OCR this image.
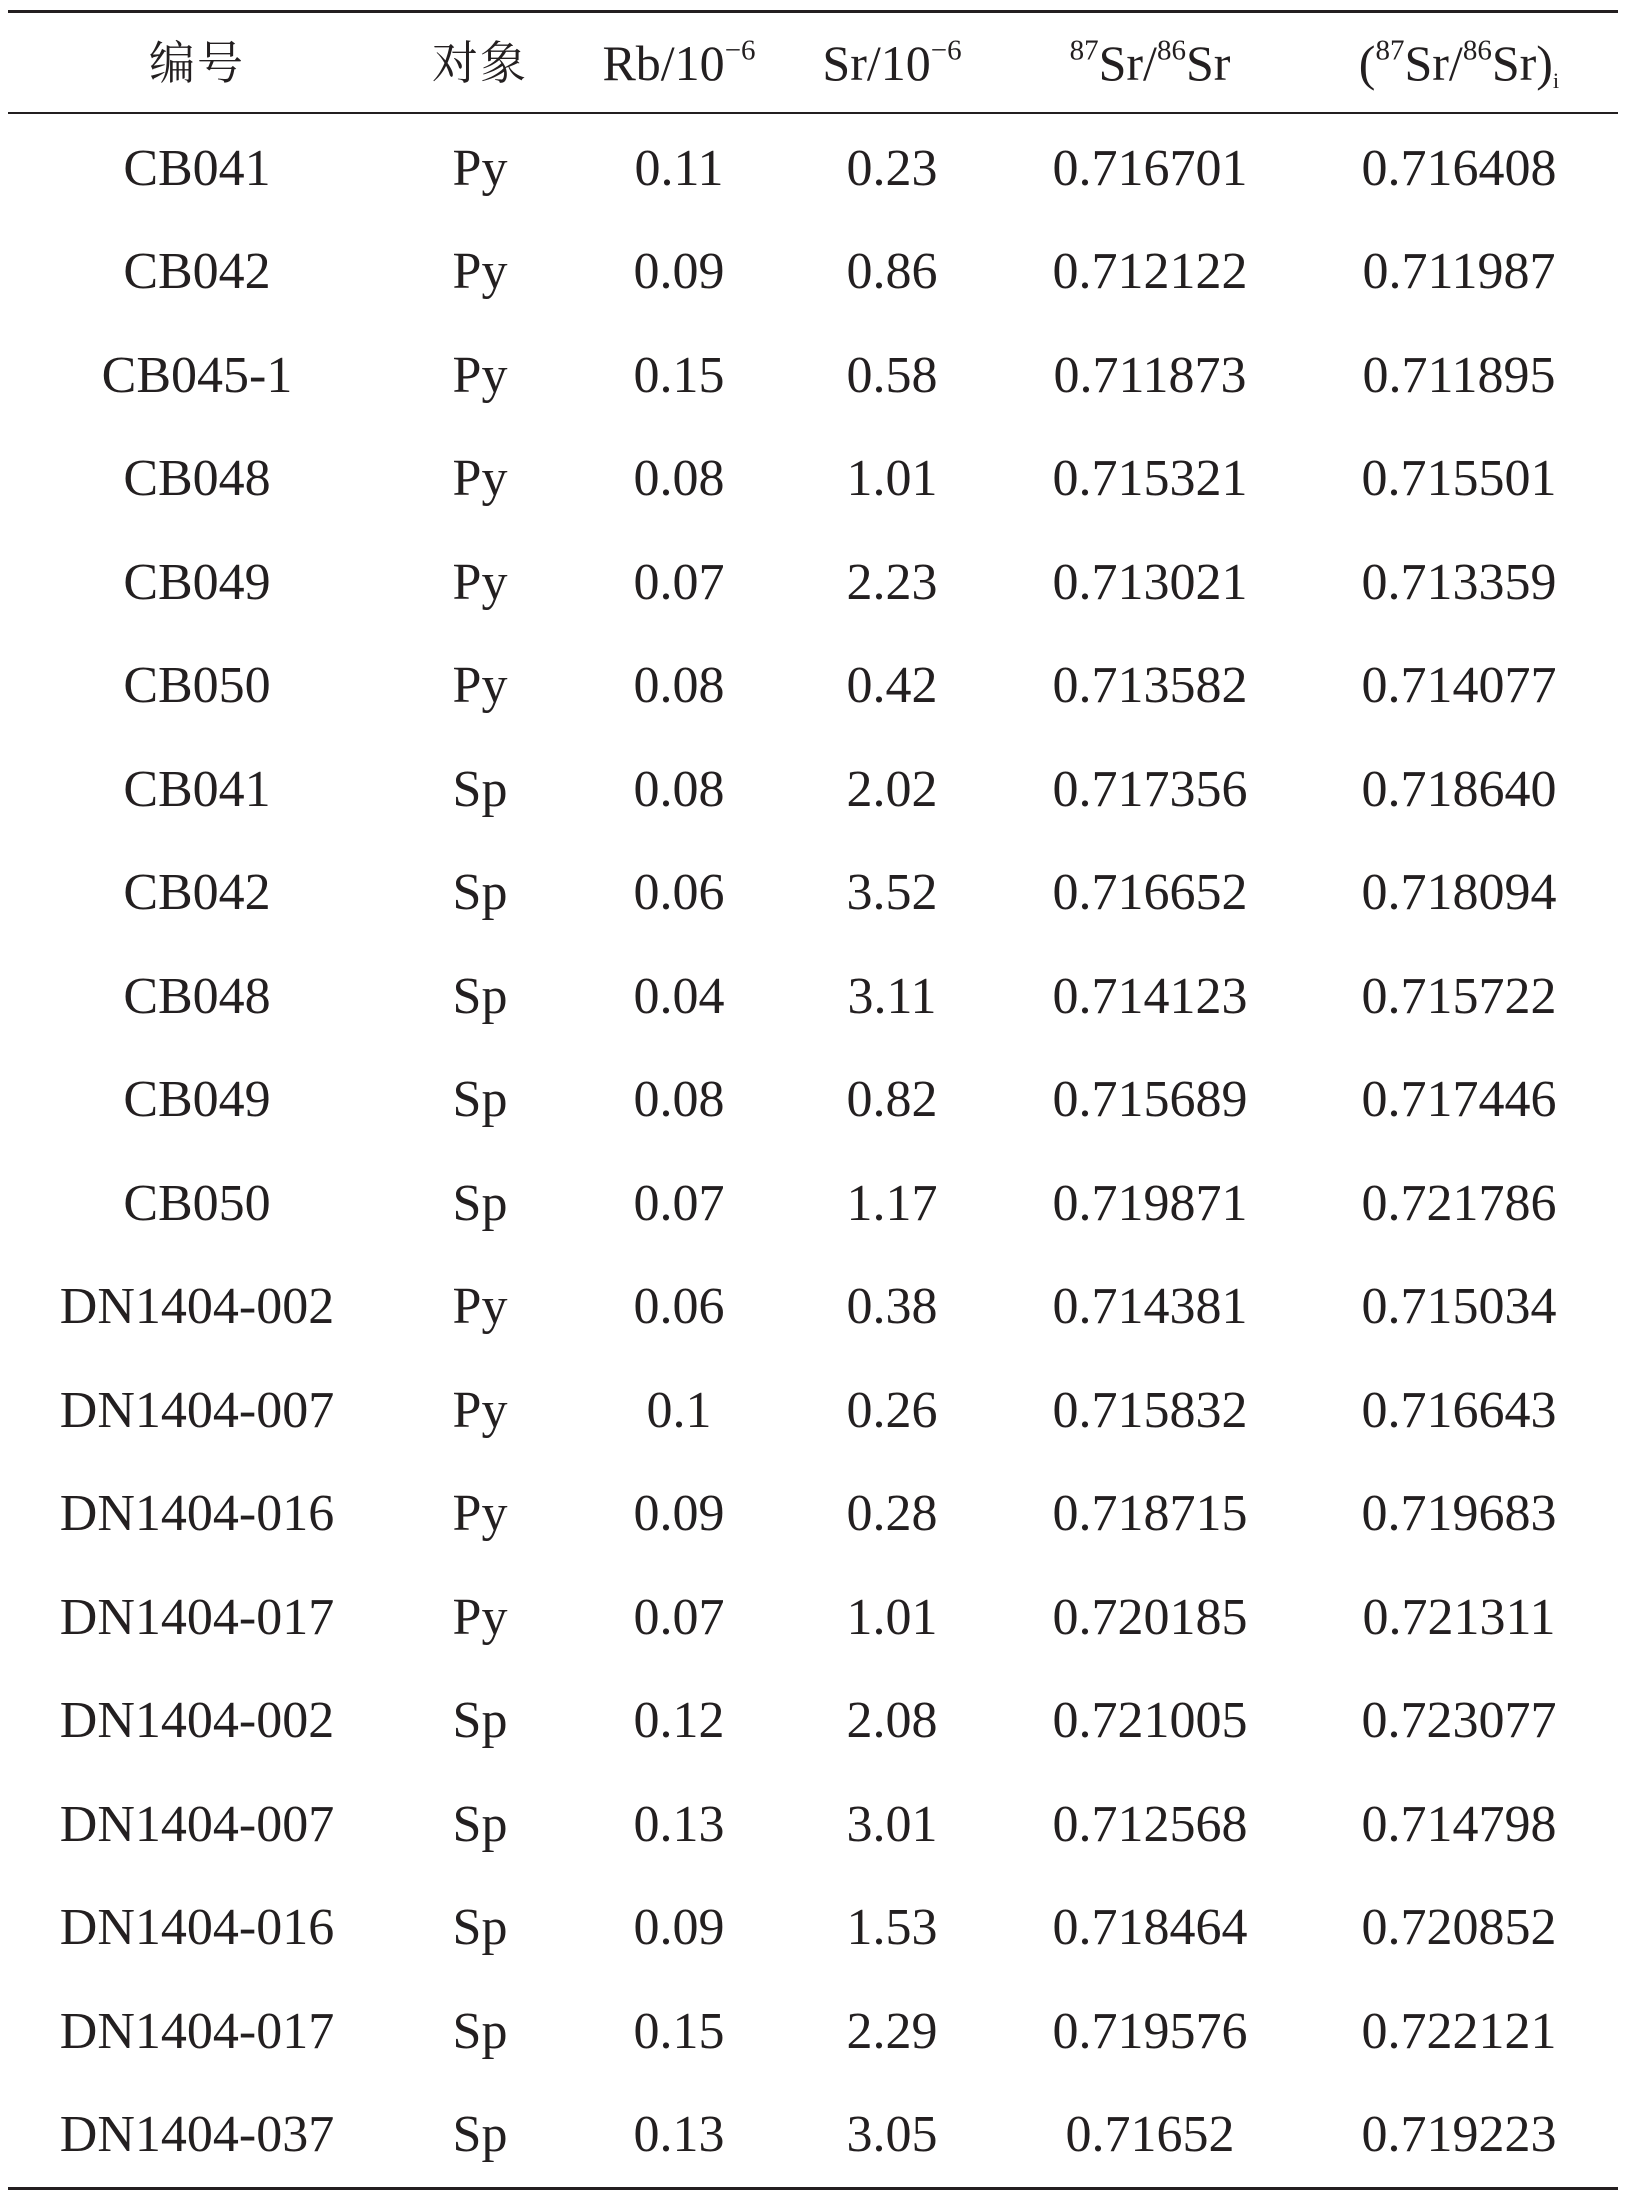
编号	对象	$Rb/10^{-6}$	$Sr/10^{-6}$	$^{87}$Sr/$^{86}$Sr	$(^{87}Sr/^{86}Sr)_i$
CB041	Py	0.11	0.23	0.716701	0.716408
CB042	Py	0.09	0.86	0.712122	0.711987
CB045-1	Py	0.15	0.58	0.711873	0.711895
CB048	Py	0.08	1.01	0.715321	0.715501
CB049	Py	0.07	2.23	0.713021	0.713359
CB050	Py	0.08	0.42	0.713582	0.714077
CB041	Sp	0.08	2.02	0.717356	0.718640
CB042	Sp	0.06	3.52	0.716652	0.718094
CB048	Sp	0.04	3.11	0.714123	0.715722
CB049	Sp	0.08	0.82	0.715689	0.717446
CB050	Sp	0.07	1.17	0.719871	0.721786
DN1404-002	Py	0.06	0.38	0.714381	0.715034
DN1404-007	Py	0.1	0.26	0.715832	0.716643
DN1404-016	Py	0.09	0.28	0.718715	0.719683
DN1404-017	Py	0.07	1.01	0.720185	0.721311
DN1404-002	Sp	0.12	2.08	0.721005	0.723077
DN1404-007	Sp	0.13	3.01	0.712568	0.714798
DN1404-016	Sp	0.09	1.53	0.718464	0.720852
DN1404-017	Sp	0.15	2.29	0.719576	0.722121
DN1404-037	Sp	0.13	3.05	0.71652	0.719223
